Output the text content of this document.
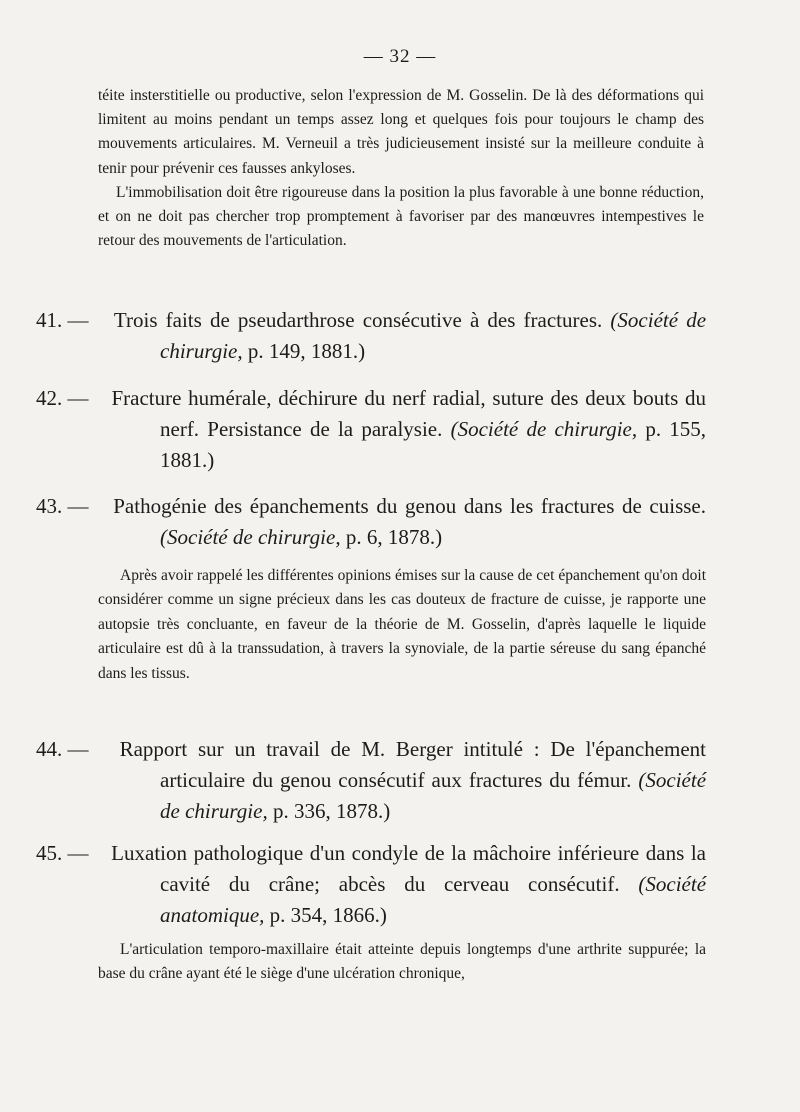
— 32 —

téite insterstitielle ou productive, selon l'expression de M. Gosselin. De là des déformations qui limitent au moins pendant un temps assez long et quelques fois pour toujours le champ des mouvements articulaires. M. Verneuil a très judicieusement insisté sur la meilleure conduite à tenir pour prévenir ces fausses ankyloses.

L'immobilisation doit être rigoureuse dans la position la plus favorable à une bonne réduction, et on ne doit pas chercher trop promptement à favoriser par des manœuvres intempestives le retour des mouvements de l'articulation.

41. — Trois faits de pseudarthrose consécutive à des fractures. (Société de chirurgie, p. 149, 1881.)
42. — Fracture humérale, déchirure du nerf radial, suture des deux bouts du nerf. Persistance de la paralysie. (Société de chirurgie, p. 155, 1881.)
43. — Pathogénie des épanchements du genou dans les fractures de cuisse. (Société de chirurgie, p. 6, 1878.)

Après avoir rappelé les différentes opinions émises sur la cause de cet épanchement qu'on doit considérer comme un signe précieux dans les cas douteux de fracture de cuisse, je rapporte une autopsie très concluante, en faveur de la théorie de M. Gosselin, d'après laquelle le liquide articulaire est dû à la transsudation, à travers la synoviale, de la partie séreuse du sang épanché dans les tissus.

44. — Rapport sur un travail de M. Berger intitulé : De l'épanchement articulaire du genou consécutif aux fractures du fémur. (Société de chirurgie, p. 336, 1878.)
45. — Luxation pathologique d'un condyle de la mâchoire inférieure dans la cavité du crâne; abcès du cerveau consécutif. (Société anatomique, p. 354, 1866.)

L'articulation temporo-maxillaire était atteinte depuis longtemps d'une arthrite suppurée; la base du crâne ayant été le siège d'une ulcération chronique,
